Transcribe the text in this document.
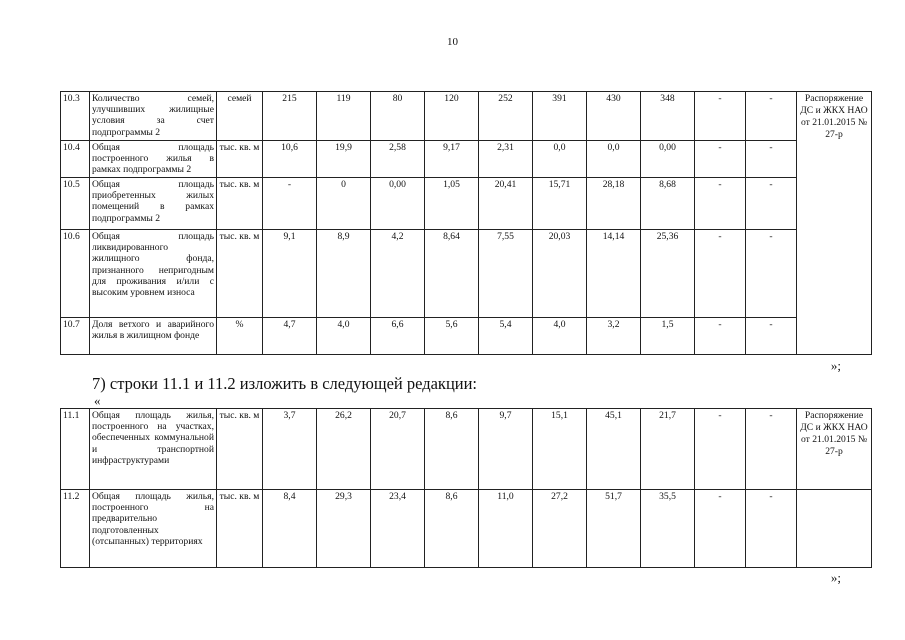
10
10.3	Количество семей, улучшивших жилищные условия за счет подпрограммы 2	семей	215	119	80	120	252	391	430	348	-	-	Распоряжение ДС и ЖКХ НАО от 21.01.2015 № 27-р
10.4	Общая площадь построенного жилья в рамках подпрограммы 2	тыс. кв. м	10,6	19,9	2,58	9,17	2,31	0,0	0,0	0,00	-	-	
10.5	Общая площадь приобретенных жилых помещений в рамках подпрограммы 2	тыс. кв. м	-	0	0,00	1,05	20,41	15,71	28,18	8,68	-	-	
10.6	Общая площадь ликвидированного жилищного фонда, признанного непригодным для проживания и/или с высоким уровнем износа	тыс. кв. м	9,1	8,9	4,2	8,64	7,55	20,03	14,14	25,36	-	-	
10.7	Доля ветхого и аварийного жилья в жилищном фонде	%	4,7	4,0	6,6	5,6	5,4	4,0	3,2	1,5	-	-	
»;
7) строки 11.1 и 11.2 изложить в следующей редакции:
«
11.1	Общая площадь жилья, построенного на участках, обеспеченных коммунальной и транспортной инфраструктурами	тыс. кв. м	3,7	26,2	20,7	8,6	9,7	15,1	45,1	21,7	-	-	Распоряжение ДС и ЖКХ НАО от 21.01.2015 № 27-р
11.2	Общая площадь жилья, построенного на предварительно подготовленных (отсыпанных) территориях	тыс. кв. м	8,4	29,3	23,4	8,6	11,0	27,2	51,7	35,5	-	-	
»;
